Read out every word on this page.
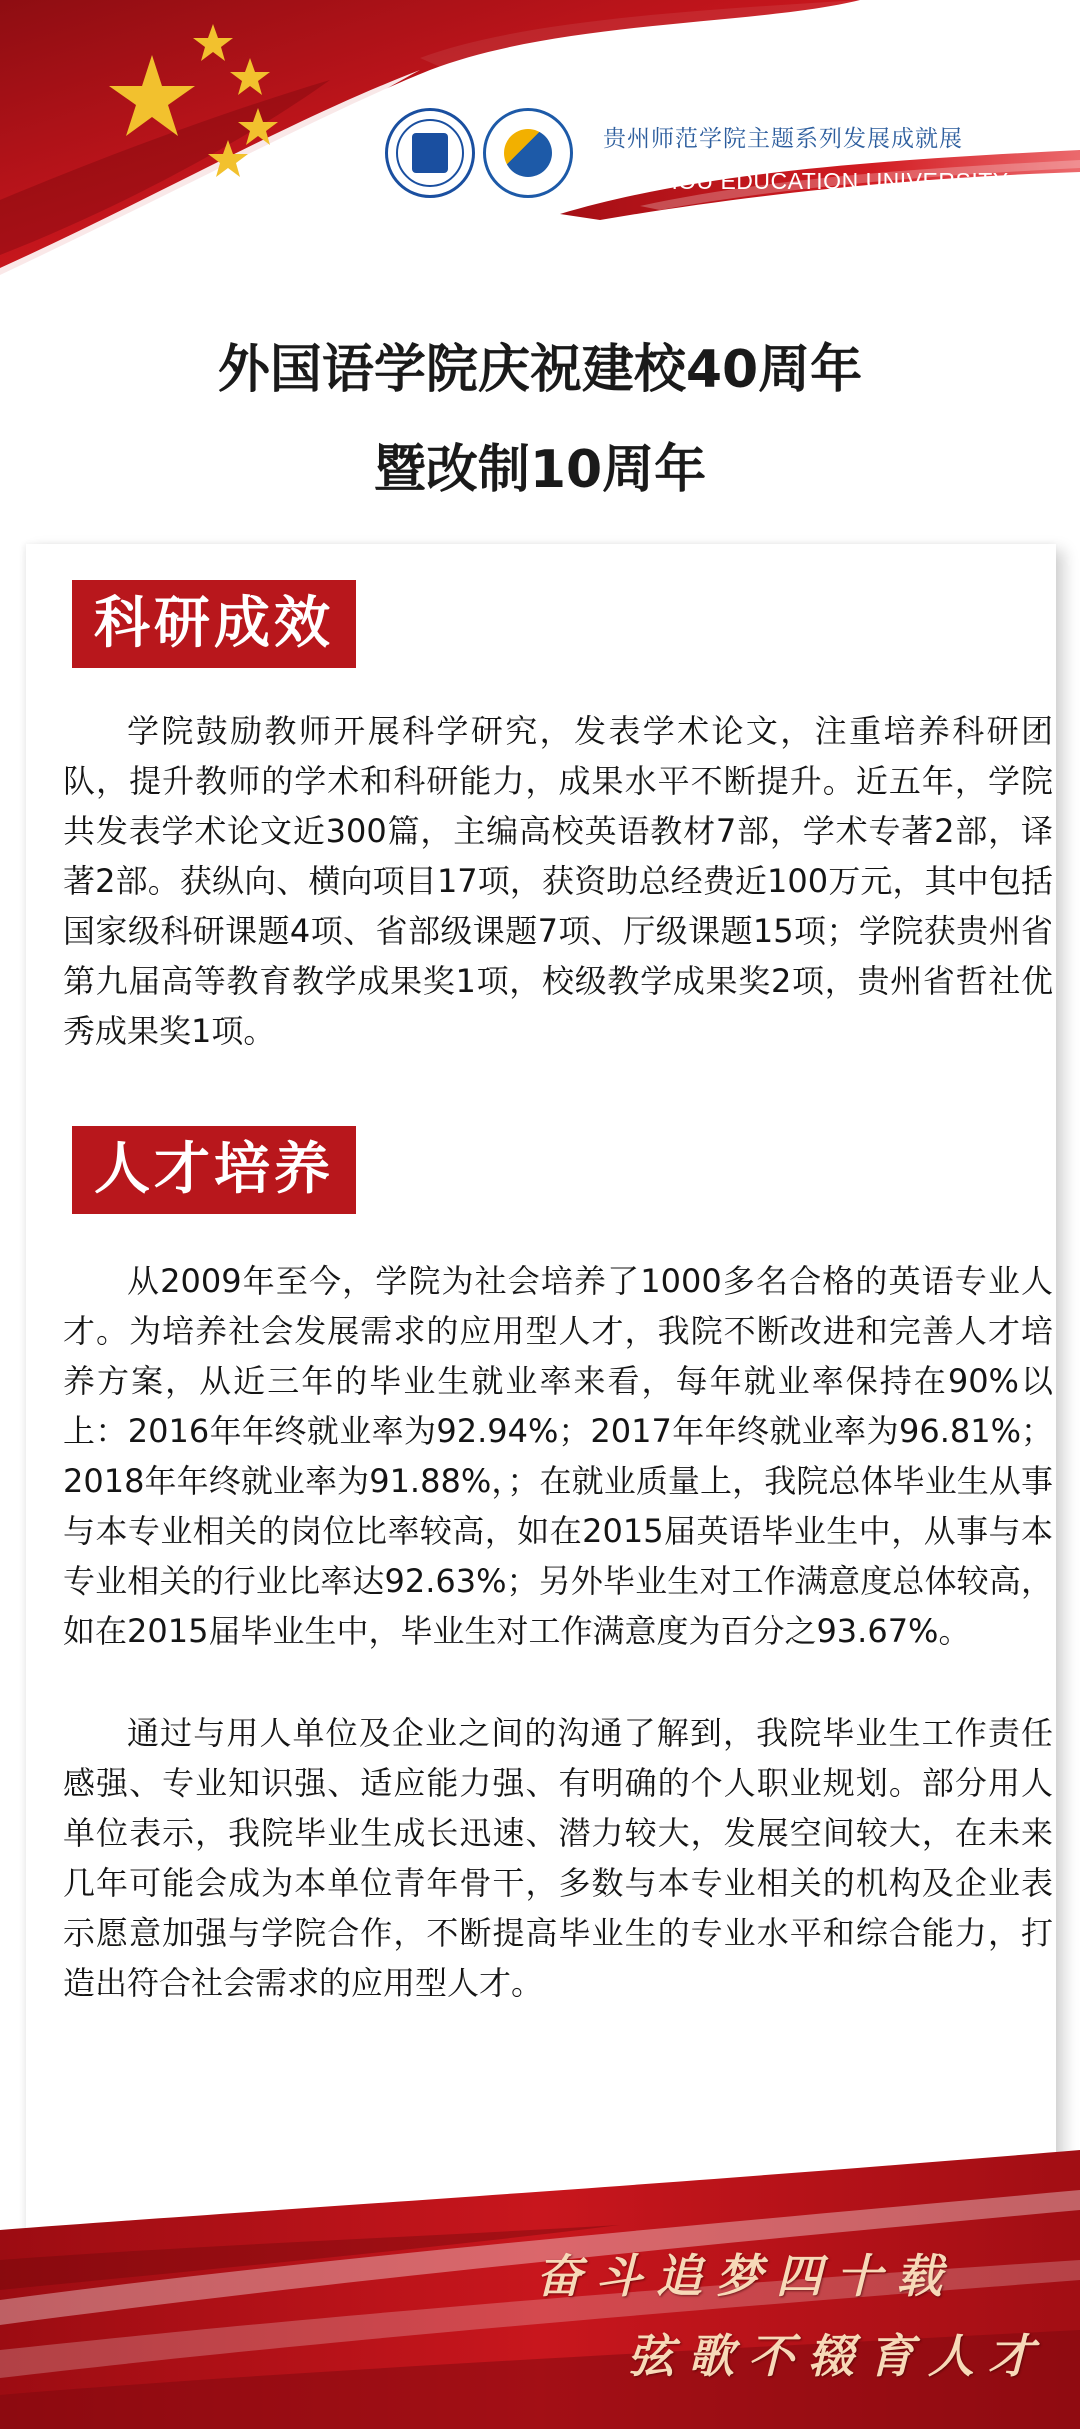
贵州师范学院主题系列发展成就展
GUIZHOU EDUCATION UNIVERSITY
外国语学院庆祝建校40周年
暨改制10周年
科研成效

学院鼓励教师开展科学研究，发表学术论文，注重培养科研团队，提升教师的学术和科研能力，成果水平不断提升。近五年，学院共发表学术论文近300篇，主编高校英语教材7部，学术专著2部，译著2部。获纵向、横向项目17项，获资助总经费近100万元，其中包括国家级科研课题4项、省部级课题7项、厅级课题15项；学院获贵州省第九届高等教育教学成果奖1项，校级教学成果奖2项，贵州省哲社优秀成果奖1项。

人才培养

从2009年至今，学院为社会培养了1000多名合格的英语专业人才。为培养社会发展需求的应用型人才，我院不断改进和完善人才培养方案，从近三年的毕业生就业率来看，每年就业率保持在90%以上：2016年年终就业率为92.94%；2017年年终就业率为96.81%；2018年年终就业率为91.88%，；在就业质量上，我院总体毕业生从事与本专业相关的岗位比率较高，如在2015届英语毕业生中，从事与本专业相关的行业比率达92.63%；另外毕业生对工作满意度总体较高，如在2015届毕业生中，毕业生对工作满意度为百分之93.67%。

通过与用人单位及企业之间的沟通了解到，我院毕业生工作责任感强、专业知识强、适应能力强、有明确的个人职业规划。部分用人单位表示，我院毕业生成长迅速、潜力较大，发展空间较大，在未来几年可能会成为本单位青年骨干，多数与本专业相关的机构及企业表示愿意加强与学院合作，不断提高毕业生的专业水平和综合能力，打造出符合社会需求的应用型人才。

奋斗追梦四十载
弦歌不辍育人才
